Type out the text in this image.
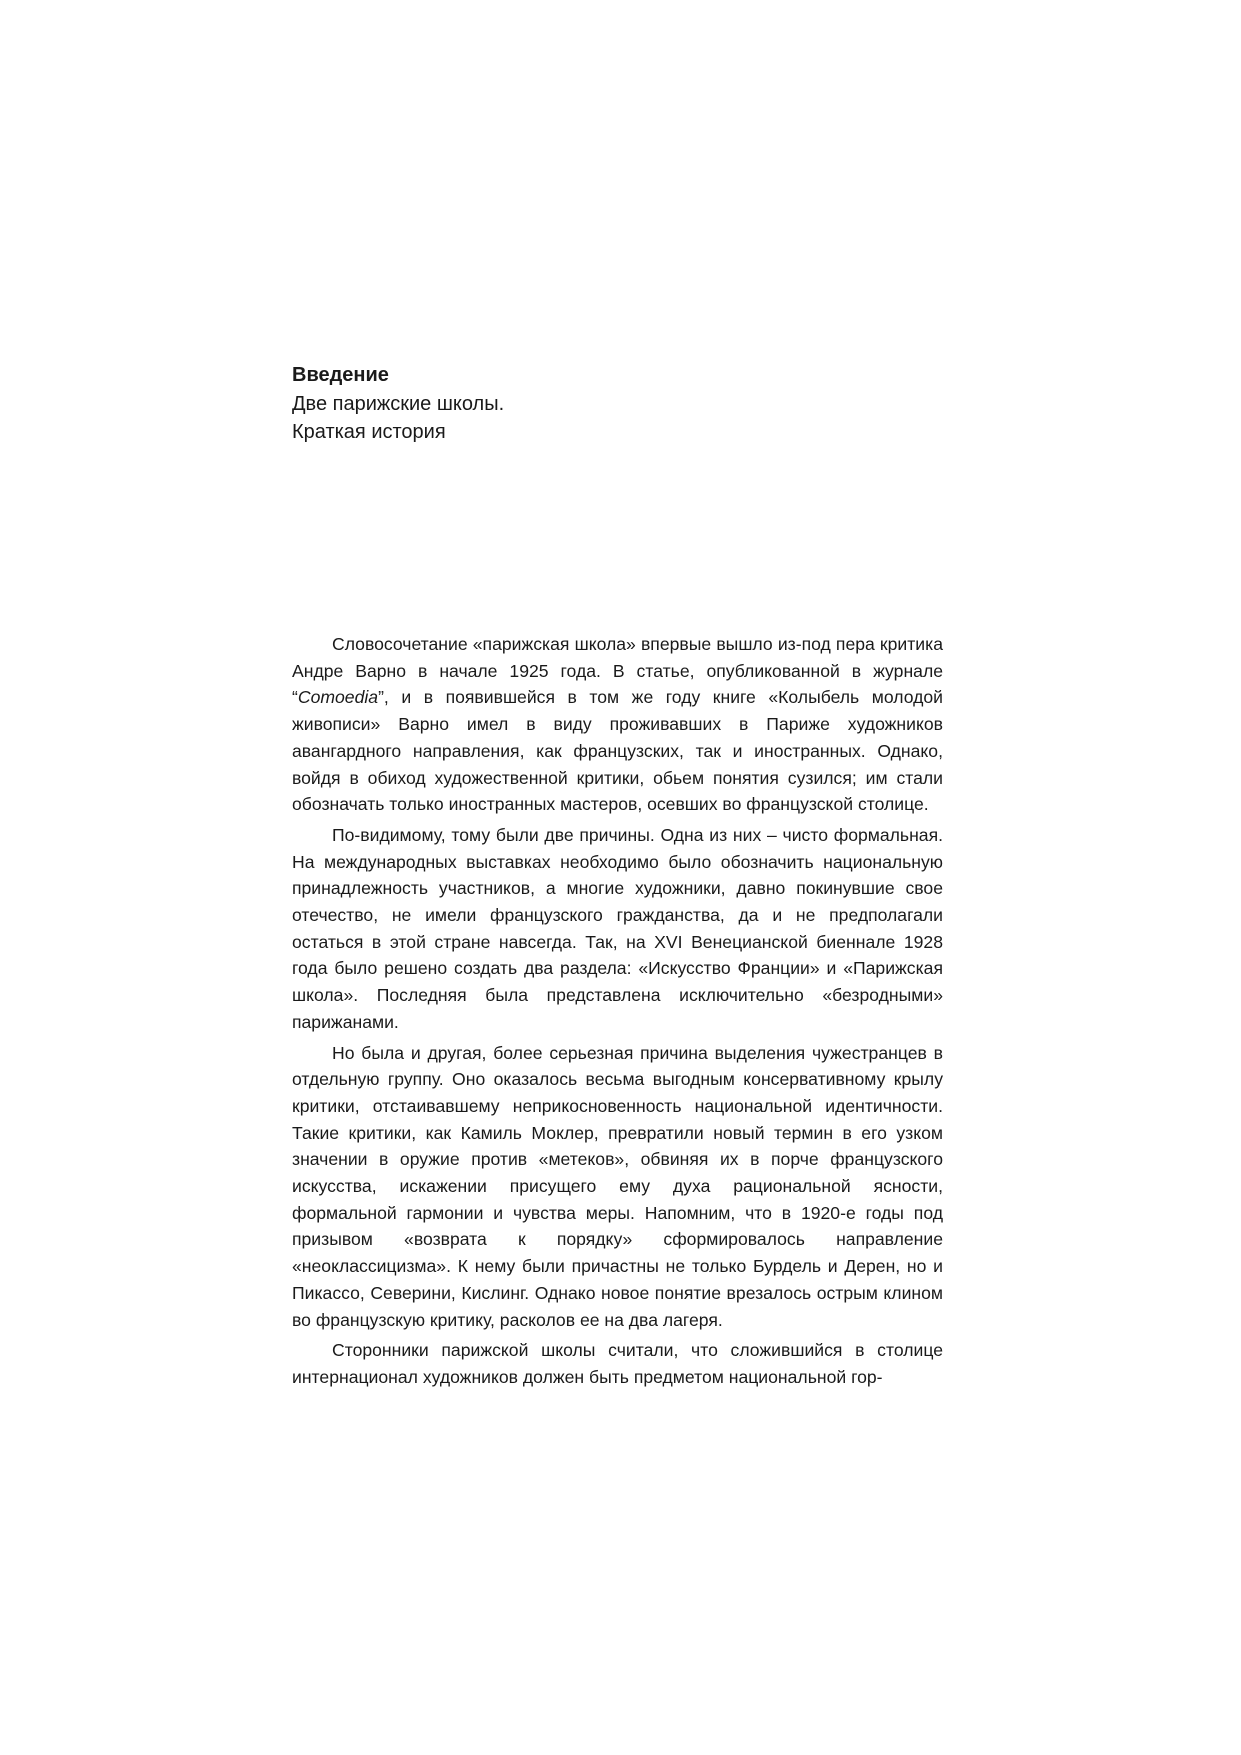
Введение
Две парижские школы.
Краткая история

Словосочетание «парижская школа» впервые вышло из-под пера критика Андре Варно в начале 1925 года. В статье, опубликованной в журнале “Comoedia”, и в появившейся в том же году книге «Колыбель молодой живописи» Варно имел в виду проживавших в Париже художников авангардного направления, как французских, так и иностранных. Однако, войдя в обиход художественной критики, обьем понятия сузился; им стали обозначать только иностранных мастеров, осевших во французской столице.

По-видимому, тому были две причины. Одна из них – чисто формальная. На международных выставках необходимо было обозначить национальную принадлежность участников, а многие художники, давно покинувшие свое отечество, не имели французского гражданства, да и не предполагали остаться в этой стране навсегда. Так, на XVI Венецианской биеннале 1928 года было решено создать два раздела: «Искусство Франции» и «Парижская школа». Последняя была представлена исключительно «безродными» парижанами.

Но была и другая, более серьезная причина выделения чужестранцев в отдельную группу. Оно оказалось весьма выгодным консервативному крылу критики, отстаивавшему неприкосновенность национальной идентичности. Такие критики, как Камиль Моклер, превратили новый термин в его узком значении в оружие против «метеков», обвиняя их в порче французского искусства, искажении присущего ему духа рациональной ясности, формальной гармонии и чувства меры. Напомним, что в 1920-е годы под призывом «возврата к порядку» сформировалось направление «неоклассицизма». К нему были причастны не только Бурдель и Дерен, но и Пикассо, Северини, Кислинг. Однако новое понятие врезалось острым клином во французскую критику, расколов ее на два лагеря.

Сторонники парижской школы считали, что сложившийся в столице интернационал художников должен быть предметом национальной гор-
